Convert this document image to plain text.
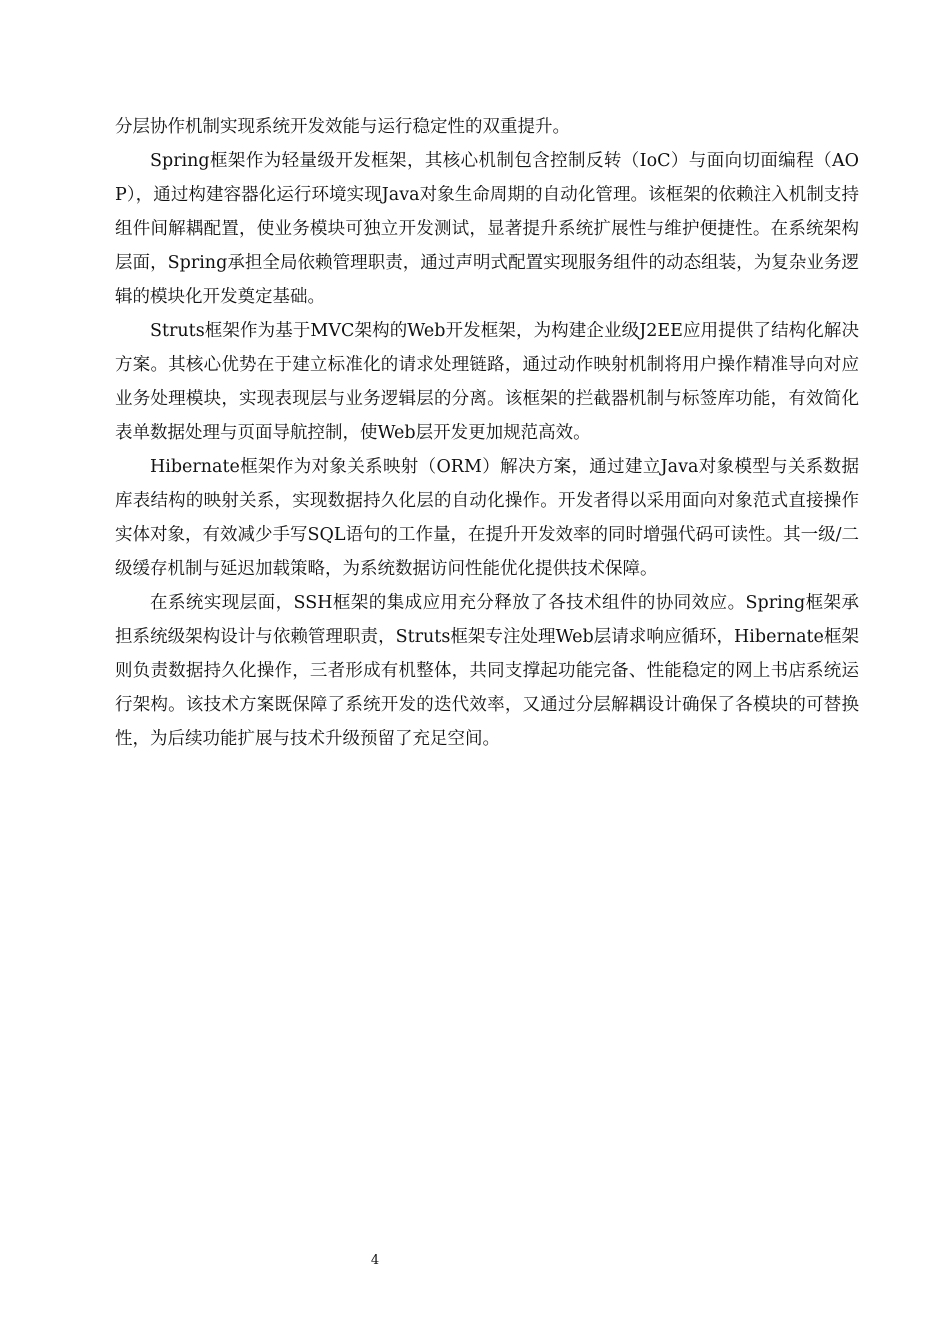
分层协作机制实现系统开发效能与运行稳定性的双重提升。

Spring框架作为轻量级开发框架，其核心机制包含控制反转（IoC）与面向切面编程（AOP），通过构建容器化运行环境实现Java对象生命周期的自动化管理。该框架的依赖注入机制支持组件间解耦配置，使业务模块可独立开发测试，显著提升系统扩展性与维护便捷性。在系统架构层面，Spring承担全局依赖管理职责，通过声明式配置实现服务组件的动态组装，为复杂业务逻辑的模块化开发奠定基础。

Struts框架作为基于MVC架构的Web开发框架，为构建企业级J2EE应用提供了结构化解决方案。其核心优势在于建立标准化的请求处理链路，通过动作映射机制将用户操作精准导向对应业务处理模块，实现表现层与业务逻辑层的分离。该框架的拦截器机制与标签库功能，有效简化表单数据处理与页面导航控制，使Web层开发更加规范高效。

Hibernate框架作为对象关系映射（ORM）解决方案，通过建立Java对象模型与关系数据库表结构的映射关系，实现数据持久化层的自动化操作。开发者得以采用面向对象范式直接操作实体对象，有效减少手写SQL语句的工作量，在提升开发效率的同时增强代码可读性。其一级/二级缓存机制与延迟加载策略，为系统数据访问性能优化提供技术保障。

在系统实现层面，SSH框架的集成应用充分释放了各技术组件的协同效应。Spring框架承担系统级架构设计与依赖管理职责，Struts框架专注处理Web层请求响应循环，Hibernate框架则负责数据持久化操作，三者形成有机整体，共同支撑起功能完备、性能稳定的网上书店系统运行架构。该技术方案既保障了系统开发的迭代效率，又通过分层解耦设计确保了各模块的可替换性，为后续功能扩展与技术升级预留了充足空间。

4
